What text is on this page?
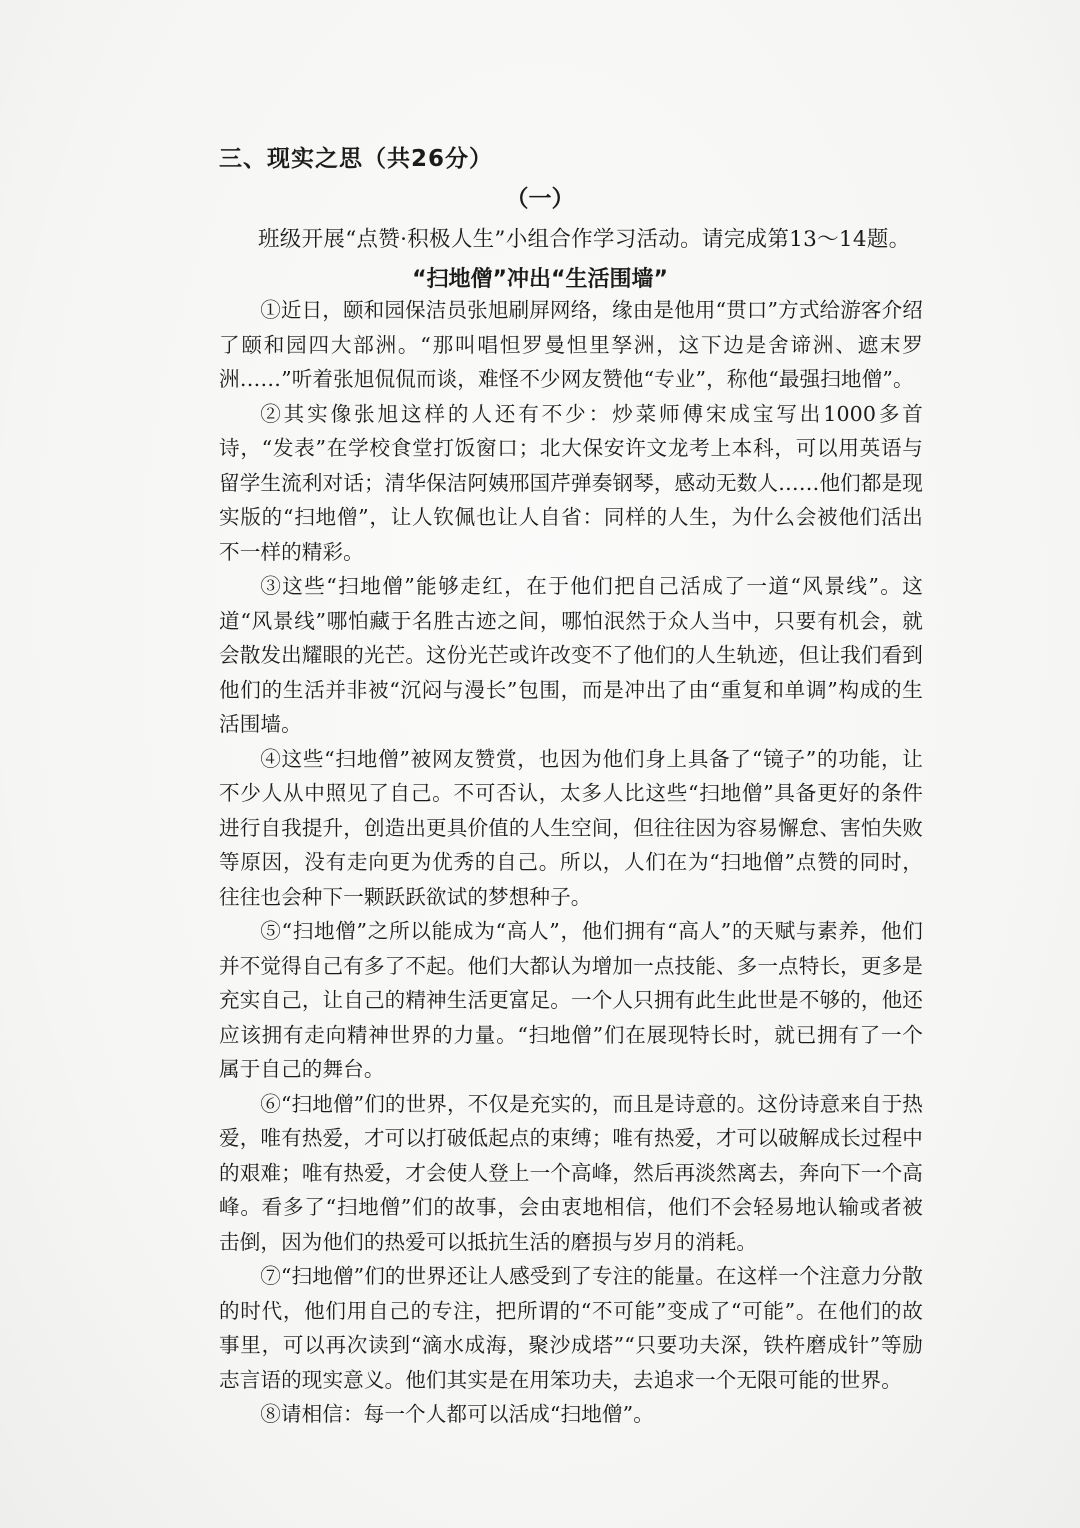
三、现实之思（共26分）
（一）
班级开展“点赞·积极人生”小组合作学习活动。请完成第13～14题。
“扫地僧”冲出“生活围墙”

①近日，颐和园保洁员张旭刷屏网络，缘由是他用“贯口”方式给游客介绍了颐和园四大部洲。“那叫唱怛罗曼怛里孥洲，这下边是舍谛洲、遮末罗洲……”听着张旭侃侃而谈，难怪不少网友赞他“专业”，称他“最强扫地僧”。

②其实像张旭这样的人还有不少：炒菜师傅宋成宝写出1000多首诗，“发表”在学校食堂打饭窗口；北大保安许文龙考上本科，可以用英语与留学生流利对话；清华保洁阿姨邢国芹弹奏钢琴，感动无数人……他们都是现实版的“扫地僧”，让人钦佩也让人自省：同样的人生，为什么会被他们活出不一样的精彩。

③这些“扫地僧”能够走红，在于他们把自己活成了一道“风景线”。这道“风景线”哪怕藏于名胜古迹之间，哪怕泯然于众人当中，只要有机会，就会散发出耀眼的光芒。这份光芒或许改变不了他们的人生轨迹，但让我们看到他们的生活并非被“沉闷与漫长”包围，而是冲出了由“重复和单调”构成的生活围墙。

④这些“扫地僧”被网友赞赏，也因为他们身上具备了“镜子”的功能，让不少人从中照见了自己。不可否认，太多人比这些“扫地僧”具备更好的条件进行自我提升，创造出更具价值的人生空间，但往往因为容易懈怠、害怕失败等原因，没有走向更为优秀的自己。所以，人们在为“扫地僧”点赞的同时，往往也会种下一颗跃跃欲试的梦想种子。

⑤“扫地僧”之所以能成为“高人”，他们拥有“高人”的天赋与素养，他们并不觉得自己有多了不起。他们大都认为增加一点技能、多一点特长，更多是充实自己，让自己的精神生活更富足。一个人只拥有此生此世是不够的，他还应该拥有走向精神世界的力量。“扫地僧”们在展现特长时，就已拥有了一个属于自己的舞台。

⑥“扫地僧”们的世界，不仅是充实的，而且是诗意的。这份诗意来自于热爱，唯有热爱，才可以打破低起点的束缚；唯有热爱，才可以破解成长过程中的艰难；唯有热爱，才会使人登上一个高峰，然后再淡然离去，奔向下一个高峰。看多了“扫地僧”们的故事，会由衷地相信，他们不会轻易地认输或者被击倒，因为他们的热爱可以抵抗生活的磨损与岁月的消耗。

⑦“扫地僧”们的世界还让人感受到了专注的能量。在这样一个注意力分散的时代，他们用自己的专注，把所谓的“不可能”变成了“可能”。在他们的故事里，可以再次读到“滴水成海，聚沙成塔”“只要功夫深，铁杵磨成针”等励志言语的现实意义。他们其实是在用笨功夫，去追求一个无限可能的世界。

⑧请相信：每一个人都可以活成“扫地僧”。
